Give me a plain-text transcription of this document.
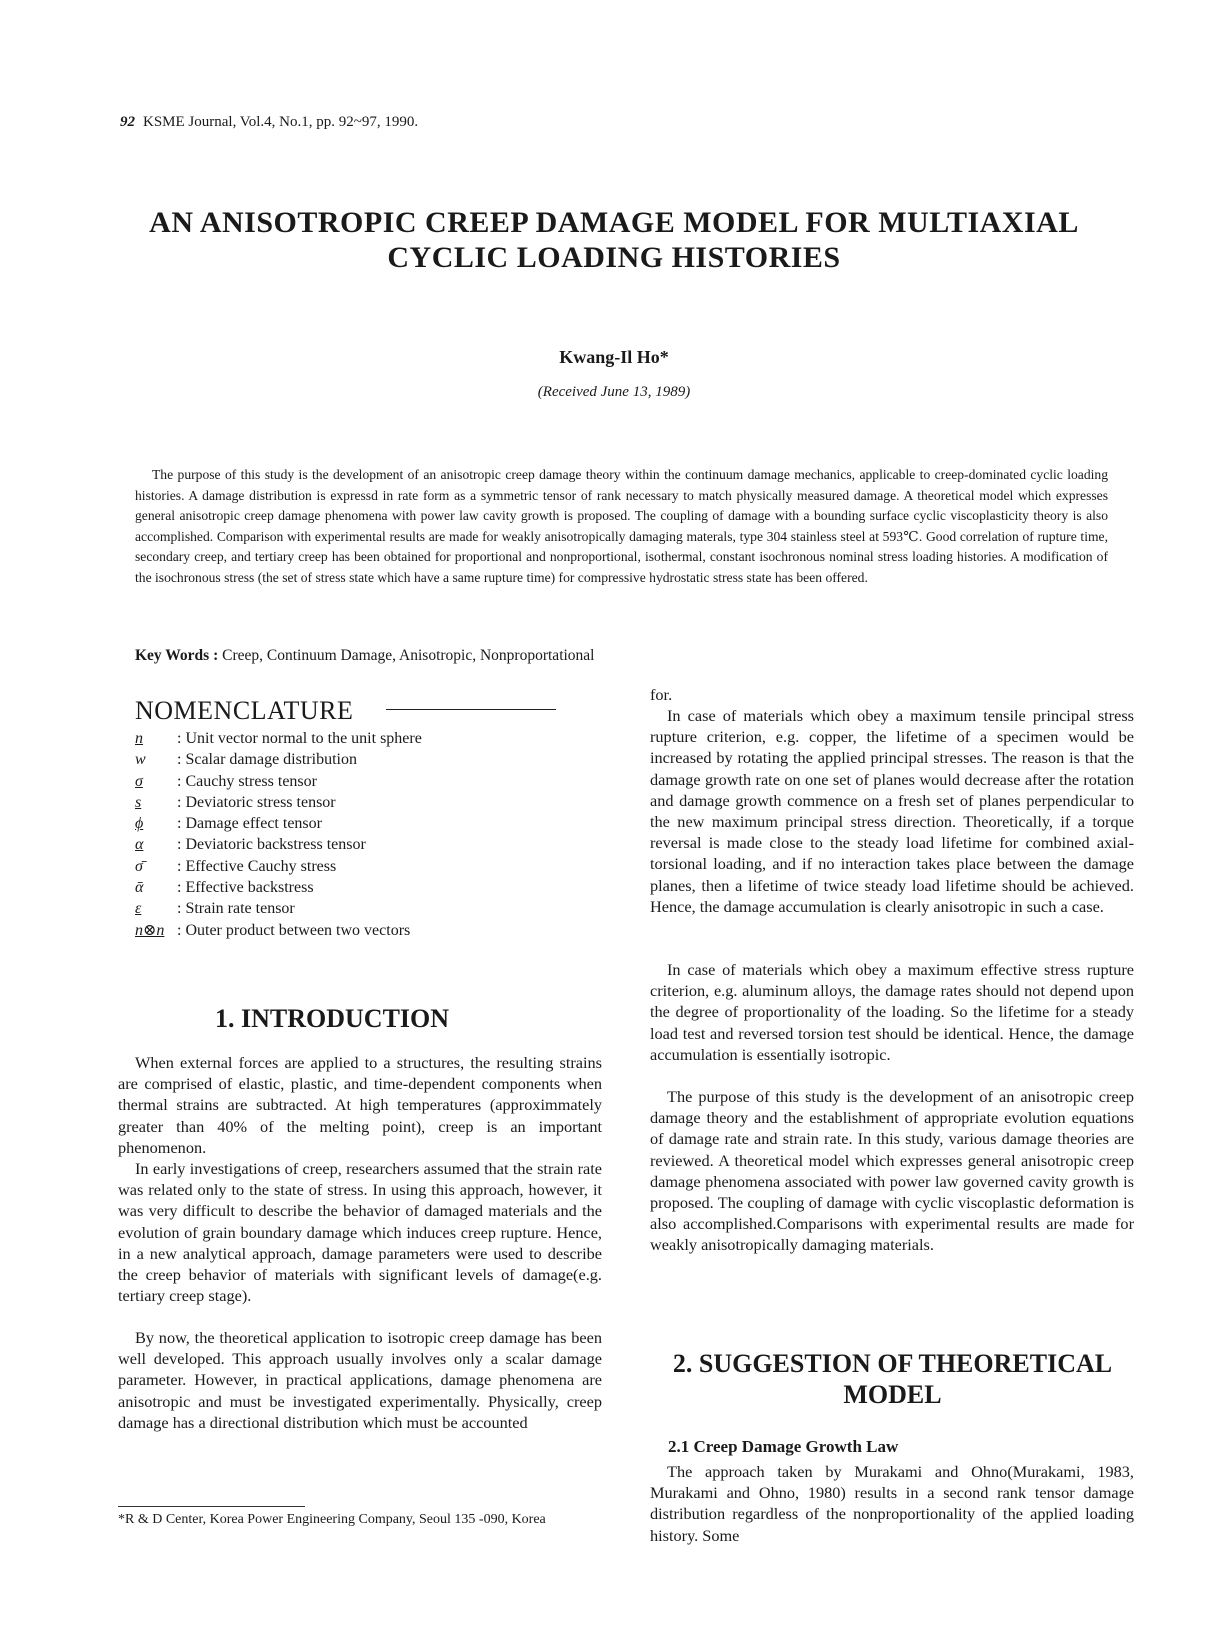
92 KSME Journal, Vol.4, No.1, pp. 92~97, 1990.
AN ANISOTROPIC CREEP DAMAGE MODEL FOR MULTIAXIAL
CYCLIC LOADING HISTORIES
Kwang-Il Ho*
(Received June 13, 1989)

The purpose of this study is the development of an anisotropic creep damage theory within the continuum damage mechanics, applicable to creep-dominated cyclic loading histories. A damage distribution is expressd in rate form as a symmetric tensor of rank necessary to match physically measured damage. A theoretical model which expresses general anisotropic creep damage phenomena with power law cavity growth is proposed. The coupling of damage with a bounding surface cyclic viscoplasticity theory is also accomplished. Comparison with experimental results are made for weakly anisotropically damaging materals, type 304 stainless steel at 593℃. Good correlation of rupture time, secondary creep, and tertiary creep has been obtained for proportional and nonproportional, isothermal, constant isochronous nominal stress loading histories. A modification of the isochronous stress (the set of stress state which have a same rupture time) for compressive hydrostatic stress state has been offered.

Key Words : Creep, Continuum Damage, Anisotropic, Nonproportational
NOMENCLATURE
n	: Unit vector normal to the unit sphere
w	: Scalar damage distribution
σ	: Cauchy stress tensor
s	: Deviatoric stress tensor
ϕ	: Damage effect tensor
α	: Deviatoric backstress tensor
σ̄	: Effective Cauchy stress
ᾱ	: Effective backstress
ε	: Strain rate tensor
n⊗n : Outer product between two vectors
1. INTRODUCTION

When external forces are applied to a structures, the resulting strains are comprised of elastic, plastic, and time-dependent components when thermal strains are subtracted. At high temperatures (approximmately greater than 40% of the melting point), creep is an important phenomenon.

In early investigations of creep, researchers assumed that the strain rate was related only to the state of stress. In using this approach, however, it was very difficult to describe the behavior of damaged materials and the evolution of grain boundary damage which induces creep rupture. Hence, in a new analytical approach, damage parameters were used to describe the creep behavior of materials with significant levels of damage(e.g. tertiary creep stage).

By now, the theoretical application to isotropic creep damage has been well developed. This approach usually involves only a scalar damage parameter. However, in practical applications, damage phenomena are anisotropic and must be investigated experimentally. Physically, creep damage has a directional distribution which must be accounted

for.

In case of materials which obey a maximum tensile principal stress rupture criterion, e.g. copper, the lifetime of a specimen would be increased by rotating the applied principal stresses. The reason is that the damage growth rate on one set of planes would decrease after the rotation and damage growth commence on a fresh set of planes perpendicular to the new maximum principal stress direction. Theoretically, if a torque reversal is made close to the steady load lifetime for combined axial-torsional loading, and if no interaction takes place between the damage planes, then a lifetime of twice steady load lifetime should be achieved. Hence, the damage accumulation is clearly anisotropic in such a case.

In case of materials which obey a maximum effective stress rupture criterion, e.g. aluminum alloys, the damage rates should not depend upon the degree of proportionality of the loading. So the lifetime for a steady load test and reversed torsion test should be identical. Hence, the damage accumulation is essentially isotropic.

The purpose of this study is the development of an anisotropic creep damage theory and the establishment of appropriate evolution equations of damage rate and strain rate. In this study, various damage theories are reviewed. A theoretical model which expresses general anisotropic creep damage phenomena associated with power law governed cavity growth is proposed. The coupling of damage with cyclic viscoplastic deformation is also accomplished.Comparisons with experimental results are made for weakly anisotropically damaging materials.

2. SUGGESTION OF THEORETICAL
MODEL
2.1 Creep Damage Growth Law

The approach taken by Murakami and Ohno(Murakami, 1983, Murakami and Ohno, 1980) results in a second rank tensor damage distribution regardless of the nonproportionality of the applied loading history. Some

*R & D Center, Korea Power Engineering Company, Seoul 135 -090, Korea
